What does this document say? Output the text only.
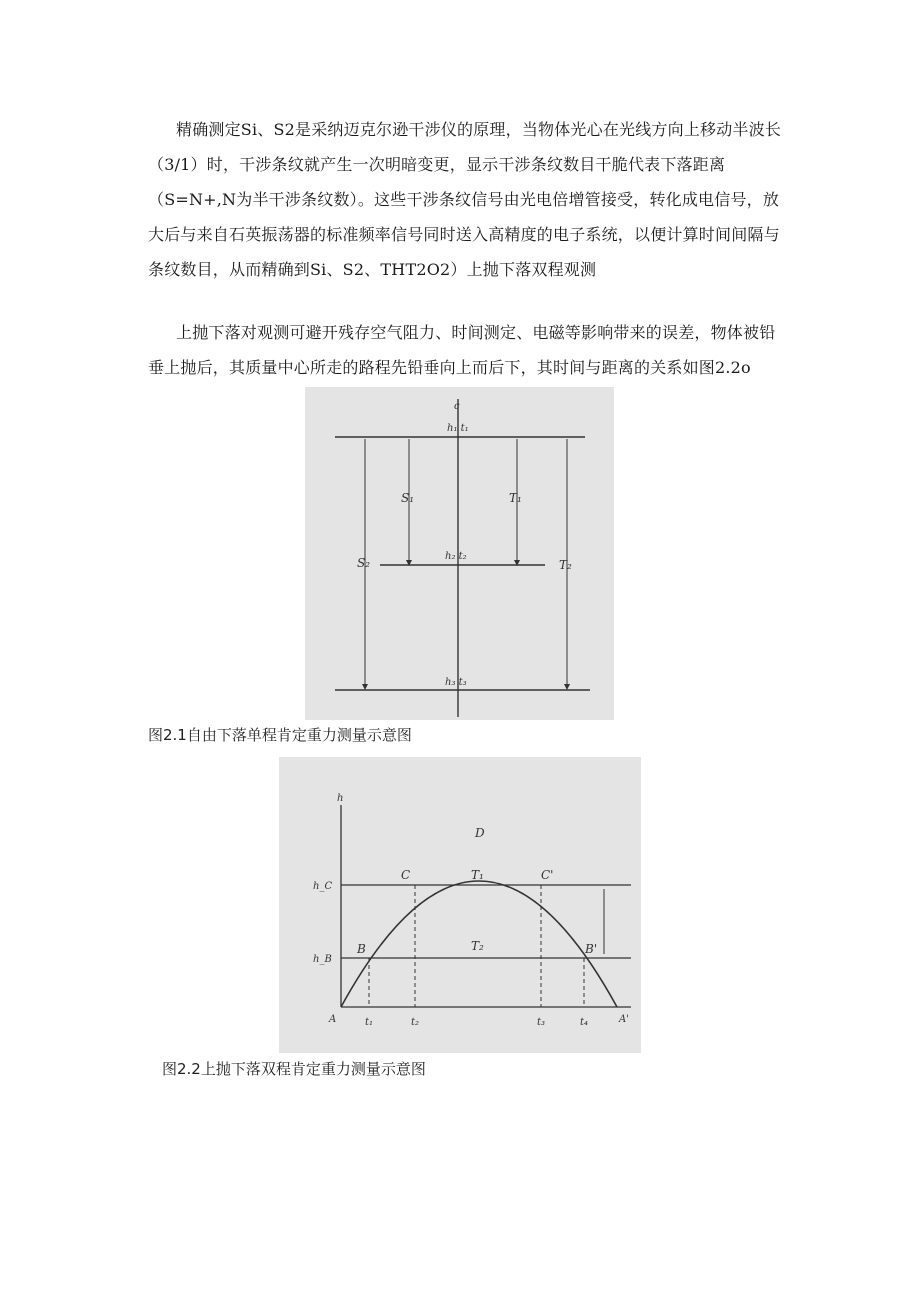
精确测定Si、S2是采纳迈克尔逊干涉仪的原理，当物体光心在光线方向上移动半波长（3/1）时，干涉条纹就产生一次明暗变更，显示干涉条纹数目干脆代表下落距离（S=N+,N为半干涉条纹数）。这些干涉条纹信号由光电倍增管接受，转化成电信号，放大后与来自石英振荡器的标准频率信号同时送入高精度的电子系统，以便计算时间间隔与条纹数目，从而精确到Si、S2、THT2O2）上抛下落双程观测

上抛下落对观测可避开残存空气阻力、时间测定、电磁等影响带来的误差，物体被铅垂上抛后，其质量中心所走的路程先铅垂向上而后下，其时间与距离的关系如图2.2o

c
h₁ t₁
h₂ t₂
h₃ t₃
S₁
S₂
T₁
T₂

图2.1自由下落单程肯定重力测量示意图

h
h_C
h_B
A	A'
B	B'
C	C'
D
T₁
T₂
t₁	t₂	t₃	t₄

图2.2上抛下落双程肯定重力测量示意图
